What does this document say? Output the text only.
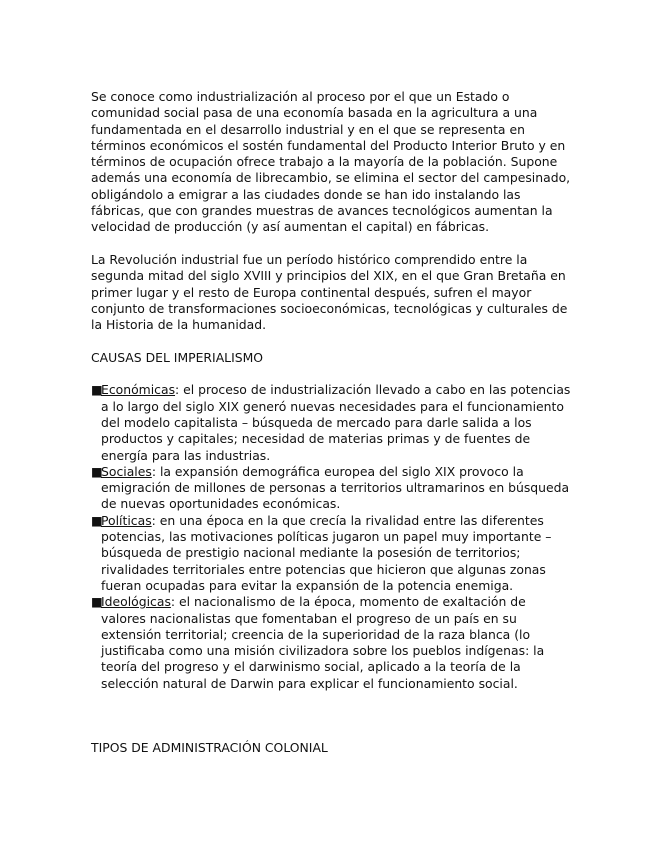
Se conoce como industrialización al proceso por el que un Estado o comunidad social pasa de una economía basada en la agricultura a una fundamentada en el desarrollo industrial y en el que se representa en términos económicos el sostén fundamental del Producto Interior Bruto y en términos de ocupación ofrece trabajo a la mayoría de la población. Supone además una economía de librecambio, se elimina el sector del campesinado, obligándolo a emigrar a las ciudades donde se han ido instalando las fábricas, que con grandes muestras de avances tecnológicos aumentan la velocidad de producción (y así aumentan el capital) en fábricas.

La Revolución industrial fue un período histórico comprendido entre la segunda mitad del siglo XVIII y principios del XIX, en el que Gran Bretaña en primer lugar y el resto de Europa continental después, sufren el mayor conjunto de transformaciones socioeconómicas, tecnológicas y culturales de la Historia de la humanidad.

CAUSAS DEL IMPERIALISMO

■
Económicas: el proceso de industrialización llevado a cabo en las potencias a lo largo del siglo XIX generó nuevas necesidades para el funcionamiento del modelo capitalista – búsqueda de mercado para darle salida a los productos y capitales; necesidad de materias primas y de fuentes de energía para las industrias.
■
Sociales: la expansión demográfica europea del siglo XIX provoco la emigración de millones de personas a territorios ultramarinos en búsqueda de nuevas oportunidades económicas.
■
Políticas: en una época en la que crecía la rivalidad entre las diferentes potencias, las motivaciones políticas jugaron un papel muy importante – búsqueda de prestigio nacional mediante la posesión de territorios; rivalidades territoriales entre potencias que hicieron que algunas zonas fueran ocupadas para evitar la expansión de la potencia enemiga.
■
Ideológicas: el nacionalismo de la época, momento de exaltación de valores nacionalistas que fomentaban el progreso de un país en su extensión territorial; creencia de la superioridad de la raza blanca (lo justificaba como una misión civilizadora sobre los pueblos indígenas: la teoría del progreso y el darwinismo social, aplicado a la teoría de la selección natural de Darwin para explicar el funcionamiento social.

TIPOS DE ADMINISTRACIÓN COLONIAL
